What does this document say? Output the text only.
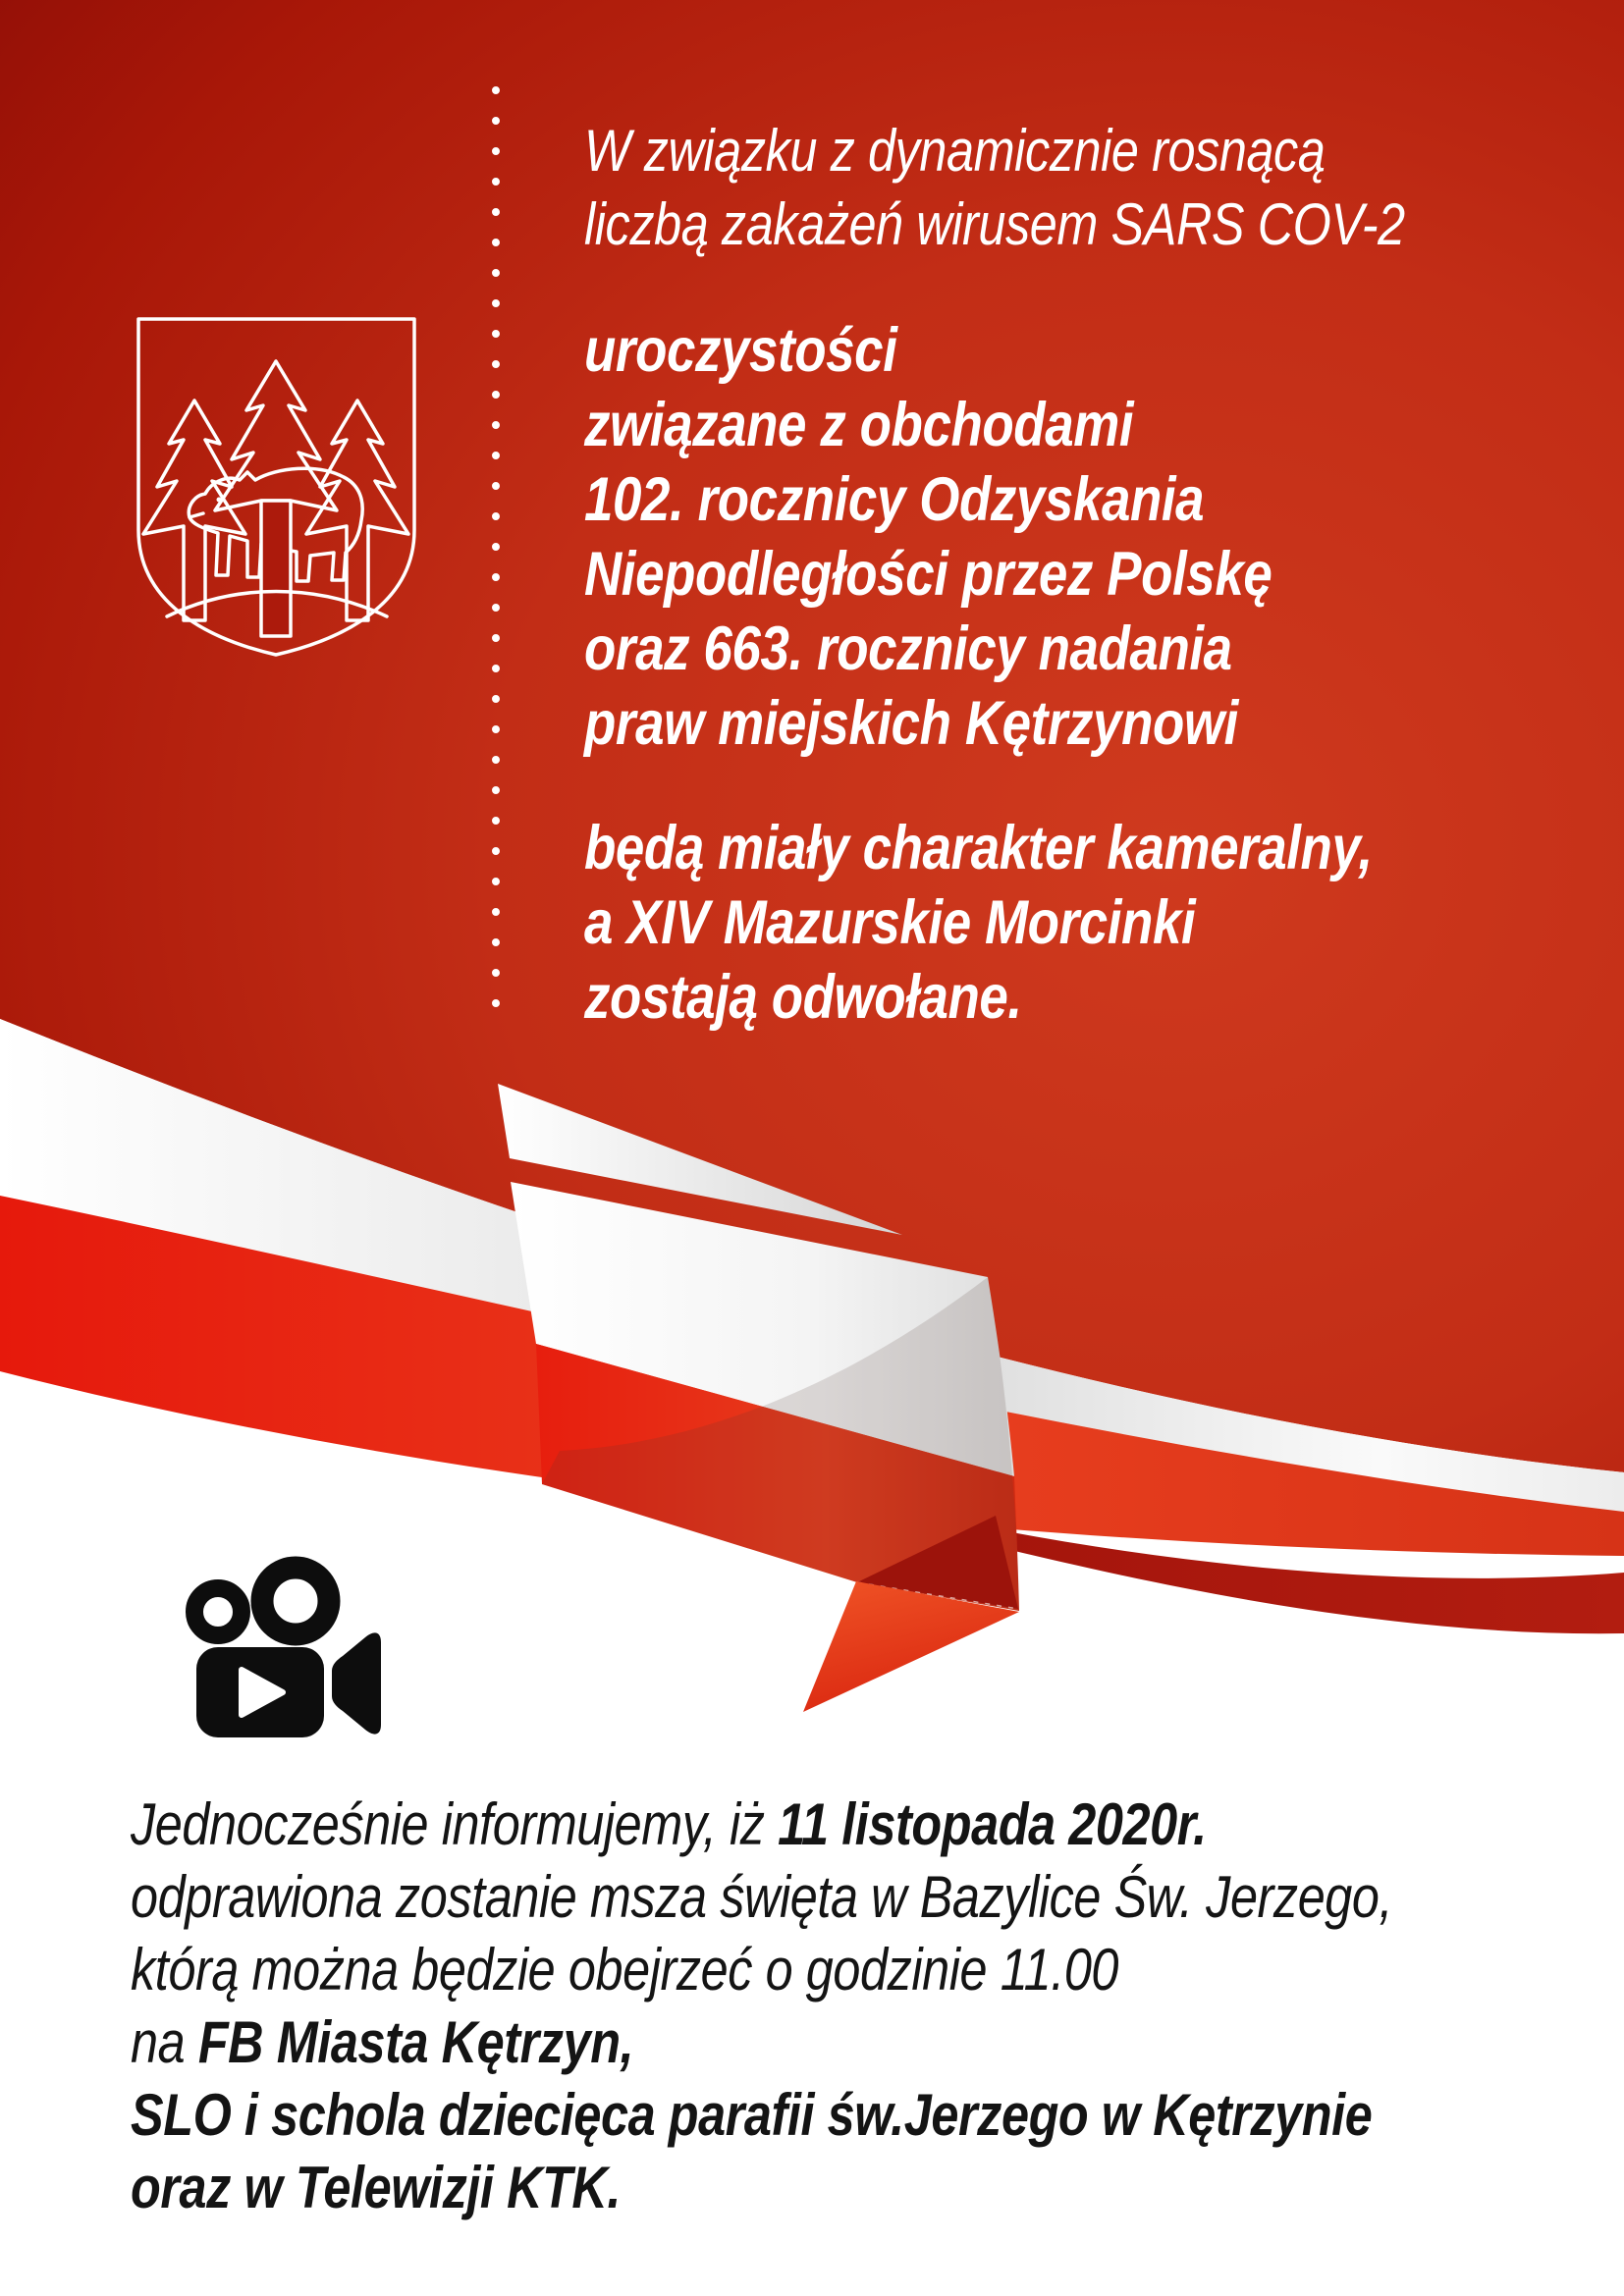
W związku z dynamicznie rosnącą
liczbą zakażeń wirusem SARS COV-2
uroczystości
związane z obchodami
102. rocznicy Odzyskania
Niepodległości przez Polskę
oraz 663. rocznicy nadania
praw miejskich Kętrzynowi
będą miały charakter kameralny,
a XIV Mazurskie Morcinki
zostają odwołane.
Jednocześnie informujemy, iż 11 listopada 2020r.
odprawiona zostanie msza święta w Bazylice Św. Jerzego,
którą można będzie obejrzeć o godzinie 11.00
na FB Miasta Kętrzyn,
SLO i schola dziecięca parafii św.Jerzego w Kętrzynie
oraz w Telewizji KTK.
